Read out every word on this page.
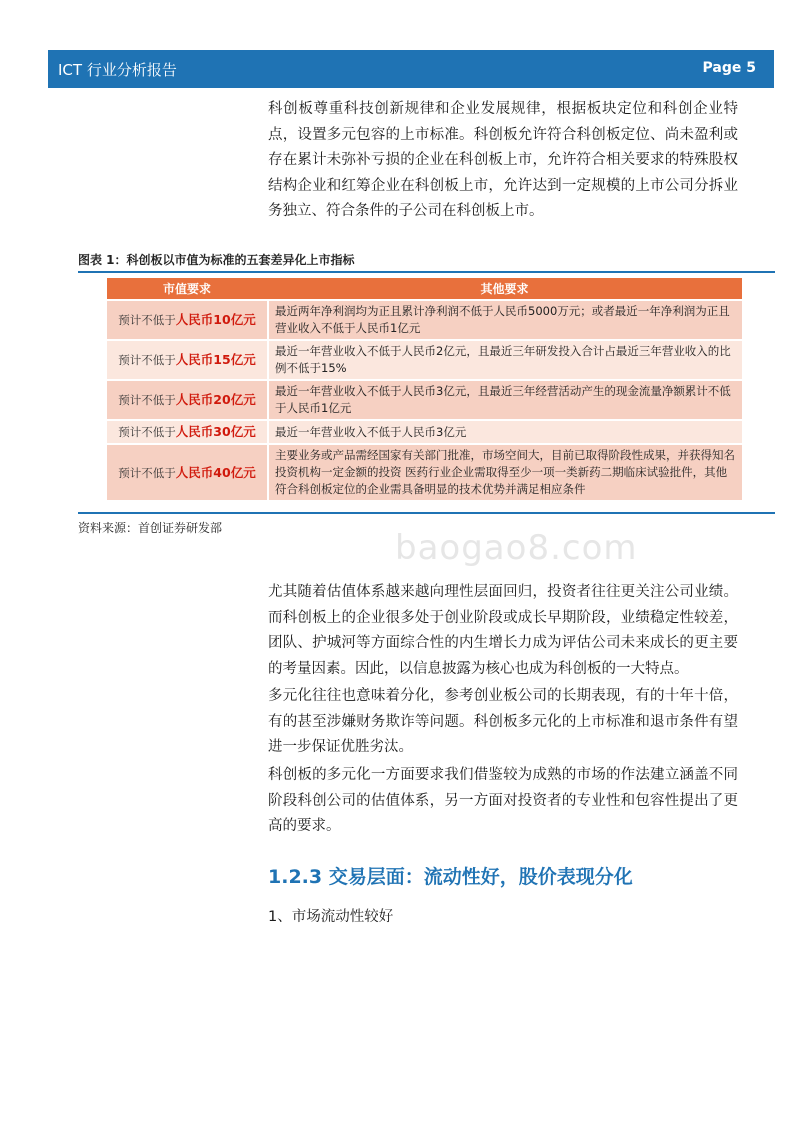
ICT 行业分析报告	Page 5

科创板尊重科技创新规律和企业发展规律，根据板块定位和科创企业特点，设置多元包容的上市标准。科创板允许符合科创板定位、尚未盈利或存在累计未弥补亏损的企业在科创板上市，允许符合相关要求的特殊股权结构企业和红筹企业在科创板上市，允许达到一定规模的上市公司分拆业务独立、符合条件的子公司在科创板上市。

图表 1：科创板以市值为标准的五套差异化上市指标
市值要求	其他要求
预计不低于人民币10亿元	最近两年净利润均为正且累计净利润不低于人民币5000万元；或者最近一年净利润为正且营业收入不低于人民币1亿元
预计不低于人民币15亿元	最近一年营业收入不低于人民币2亿元，且最近三年研发投入合计占最近三年营业收入的比例不低于15%
预计不低于人民币20亿元	最近一年营业收入不低于人民币3亿元，且最近三年经营活动产生的现金流量净额累计不低于人民币1亿元
预计不低于人民币30亿元	最近一年营业收入不低于人民币3亿元
预计不低于人民币40亿元	主要业务或产品需经国家有关部门批准，市场空间大，目前已取得阶段性成果，并获得知名投资机构一定金额的投资 医药行业企业需取得至少一项一类新药二期临床试验批件，其他符合科创板定位的企业需具备明显的技术优势并满足相应条件
资料来源：首创证券研发部	baogao8.com

尤其随着估值体系越来越向理性层面回归，投资者往往更关注公司业绩。而科创板上的企业很多处于创业阶段或成长早期阶段，业绩稳定性较差，团队、护城河等方面综合性的内生增长力成为评估公司未来成长的更主要的考量因素。因此，以信息披露为核心也成为科创板的一大特点。

多元化往往也意味着分化，参考创业板公司的长期表现，有的十年十倍，有的甚至涉嫌财务欺诈等问题。科创板多元化的上市标准和退市条件有望进一步保证优胜劣汰。

科创板的多元化一方面要求我们借鉴较为成熟的市场的作法建立涵盖不同阶段科创公司的估值体系，另一方面对投资者的专业性和包容性提出了更高的要求。

1.2.3 交易层面：流动性好，股价表现分化
1、市场流动性较好
